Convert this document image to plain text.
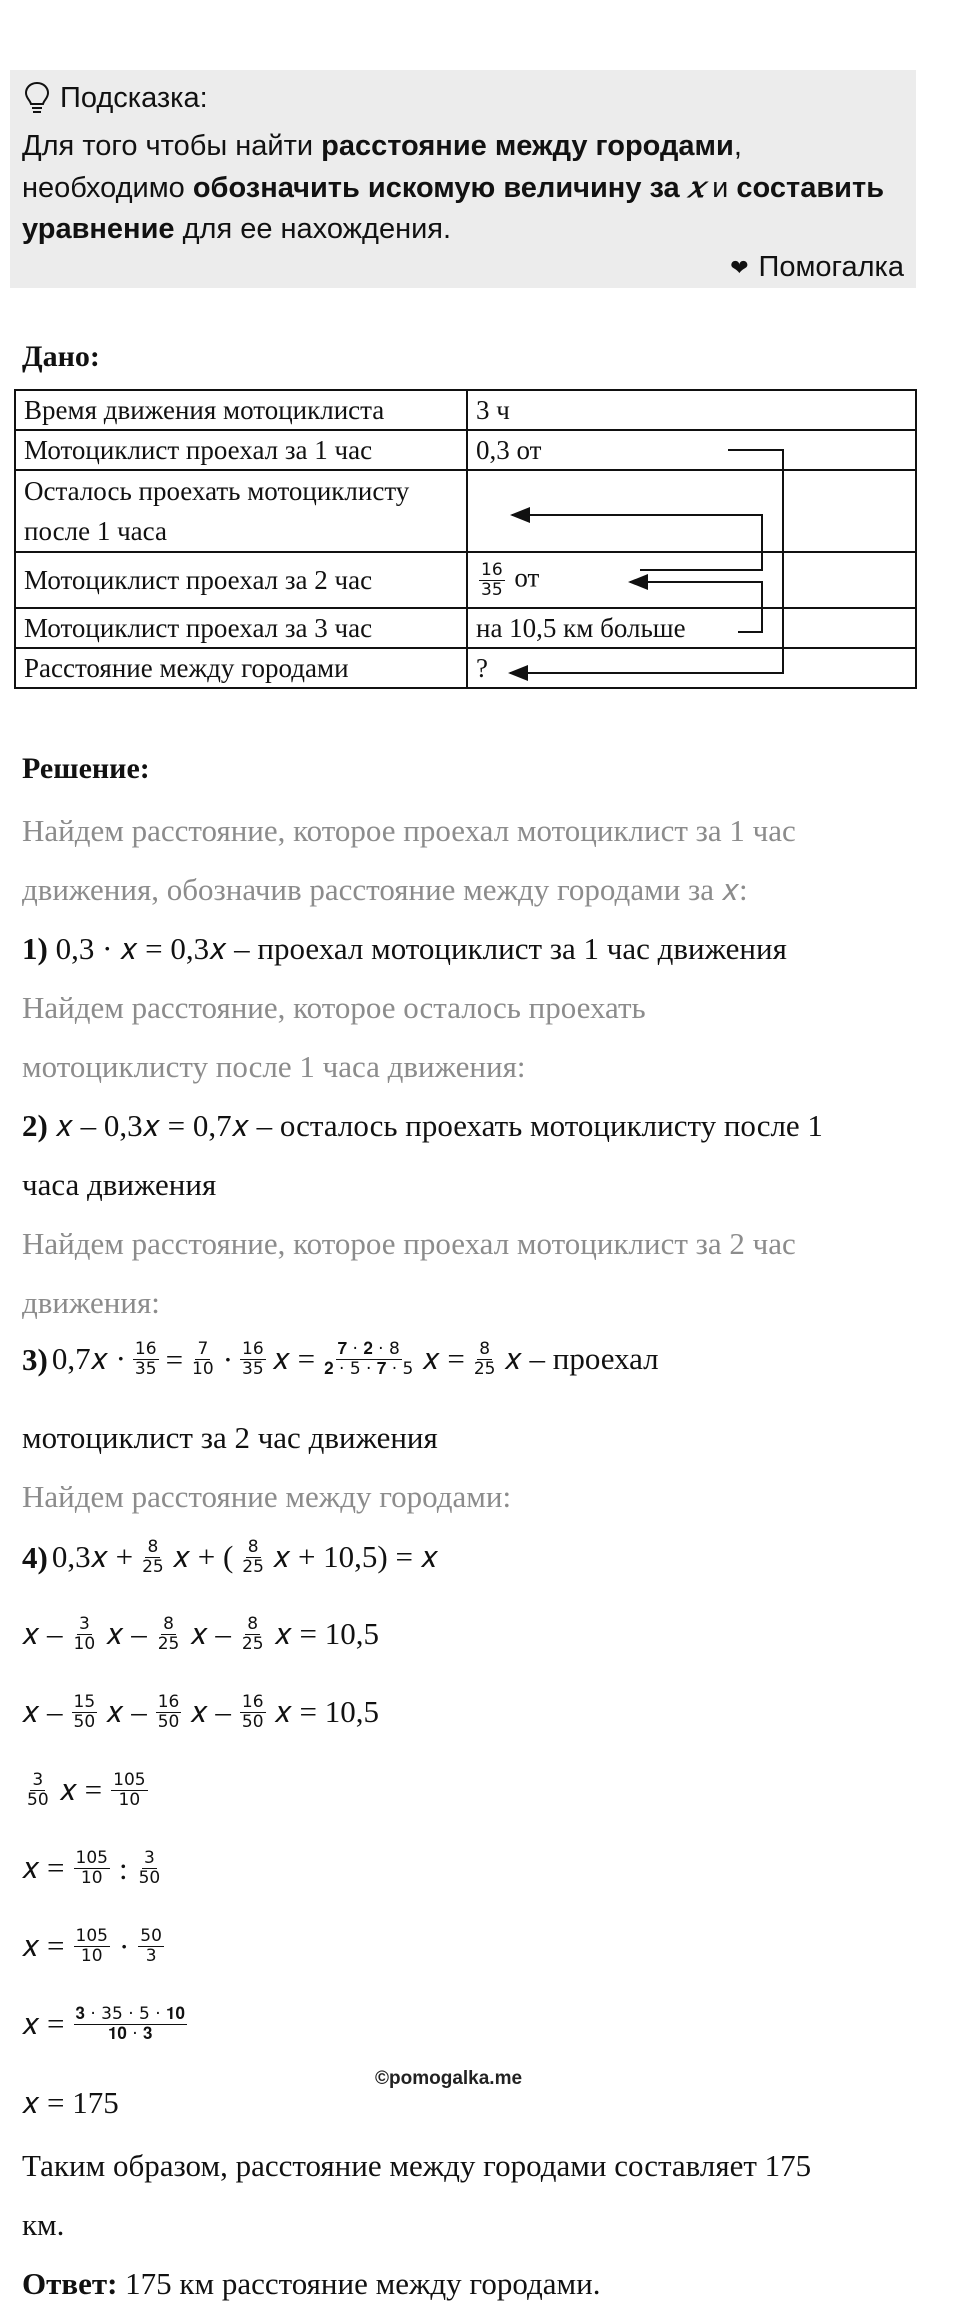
Подсказка:
Для того чтобы найти расстояние между городами,
необходимо обозначить искомую величину за 𝑥 и составить
уравнение для ее нахождения.
❤ Помогалка
Дано:
Время движения мотоциклиста	3 ч
Мотоциклист проехал за 1 час	0,3 от
Осталось проехать мотоциклисту после 1 часа	
Мотоциклист проехал за 2 час	$\frac{16}{35}$ от
Мотоциклист проехал за 3 час	на 10,5 км больше
Расстояние между городами	?
Решение:
Найдем расстояние, которое проехал мотоциклист за 1 час
движения, обозначив расстояние между городами за 𝑥:
1) 0,3 · 𝑥 = 0,3𝑥 – проехал мотоциклист за 1 час движения
Найдем расстояние, которое осталось проехать
мотоциклисту после 1 часа движения:
2) 𝑥 – 0,3𝑥 = 0,7𝑥 – осталось проехать мотоциклисту после 1
часа движения
Найдем расстояние, которое проехал мотоциклист за 2 час
движения:
3) 0,7𝑥 · $\frac{16}{35} = \frac{7}{10} \cdot \frac{16}{35}$ 𝑥 = $\frac{𝟕 \cdot 𝟐 \cdot 8}{𝟐 \cdot 5 \cdot 𝟕 \cdot 5}$ 𝑥 = $\frac{8}{25}$ 𝑥 – проехал
мотоциклист за 2 час движения
Найдем расстояние между городами:
4) 0,3𝑥 + $\frac{8}{25}$ 𝑥 + ( $\frac{8}{25}$ 𝑥 + 10,5) = 𝑥
𝑥 – $\frac{3}{10}$ 𝑥 – $\frac{8}{25}$ 𝑥 – $\frac{8}{25}$ 𝑥 = 10,5
𝑥 – $\frac{15}{50}$ 𝑥 – $\frac{16}{50}$ 𝑥 – $\frac{16}{50}$ 𝑥 = 10,5
$\frac{3}{50}$ 𝑥 = $\frac{105}{10}$
𝑥 = $\frac{105}{10}$ : $\frac{3}{50}$
𝑥 = $\frac{105}{10} \cdot \frac{50}{3}$
𝑥 = $\frac{𝟑 \cdot 35 \cdot 5 \cdot 𝟏𝟎}{𝟏𝟎 \cdot 𝟑}$
𝑥 = 175
©pomogalka.me
Таким образом, расстояние между городами составляет 175
км.
Ответ: 175 км расстояние между городами.
